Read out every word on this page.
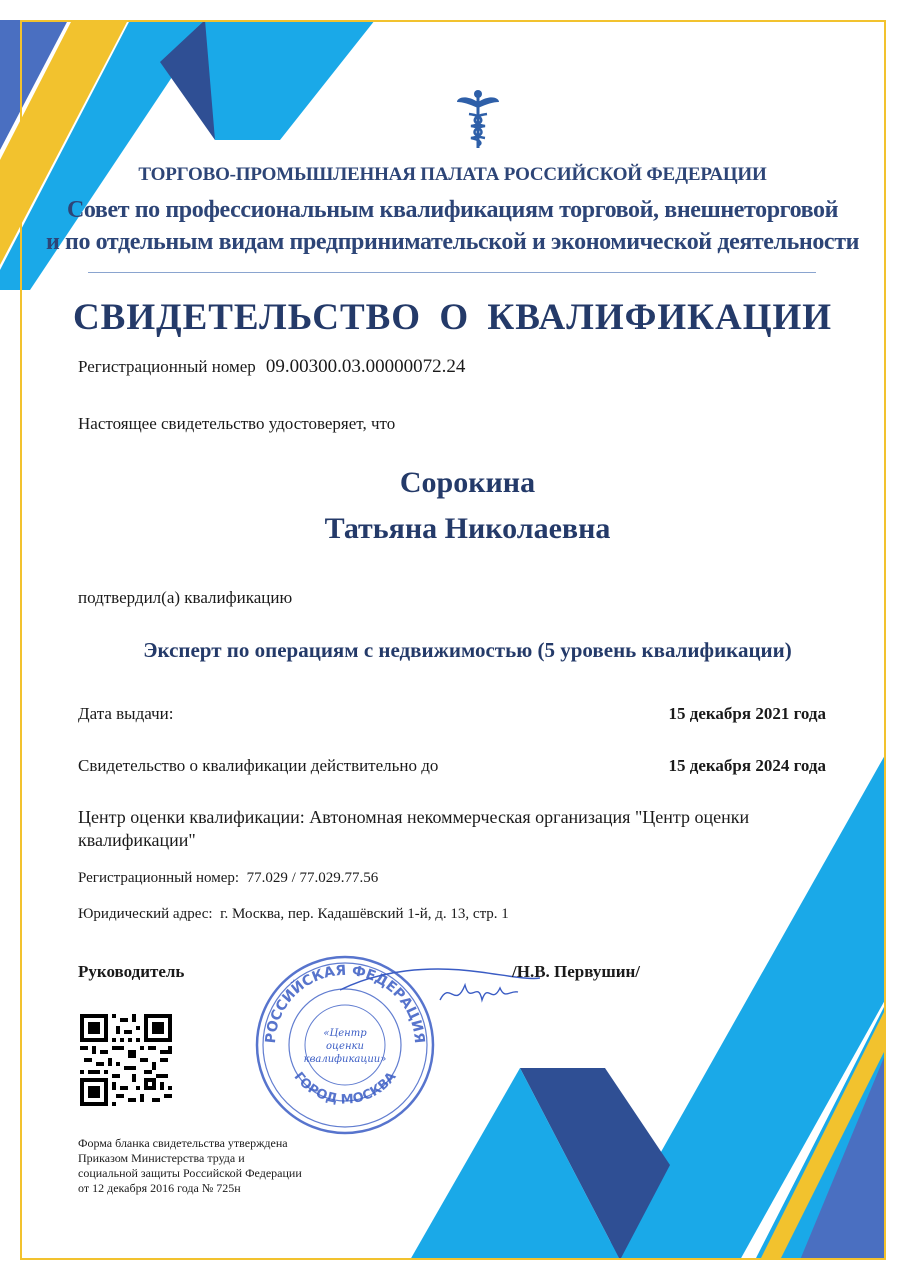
ТОРГОВО-ПРОМЫШЛЕННАЯ ПАЛАТА РОССИЙСКОЙ ФЕДЕРАЦИИ
Совет по профессиональным квалификациям торговой, внешнеторговой
и по отдельным видам предпринимательской и экономической деятельности
СВИДЕТЕЛЬСТВО О КВАЛИФИКАЦИИ
Регистрационный номер 09.00300.03.00000072.24
Настоящее свидетельство удостоверяет, что
Сорокина
Татьяна Николаевна
подтвердил(а) квалификацию
Эксперт по операциям с недвижимостью (5 уровень квалификации)
Дата выдачи:	15 декабря 2021 года
Свидетельство о квалификации действительно до	15 декабря 2024 года
Центр оценки квалификации: Автономная некоммерческая организация "Центр оценки квалификации"
Регистрационный номер: 77.029 / 77.029.77.56
Юридический адрес: г. Москва, пер. Кадашёвский 1-й, д. 13, стр. 1
РОССИЙСКАЯ ФЕДЕРАЦИЯ
ГОРОД МОСКВА
«Центр
оценки
квалификации»
Руководитель	/Н.В. Первушин/
Форма бланка свидетельства утверждена
Приказом Министерства труда и
социальной защиты Российской Федерации
от 12 декабря 2016 года № 725н
